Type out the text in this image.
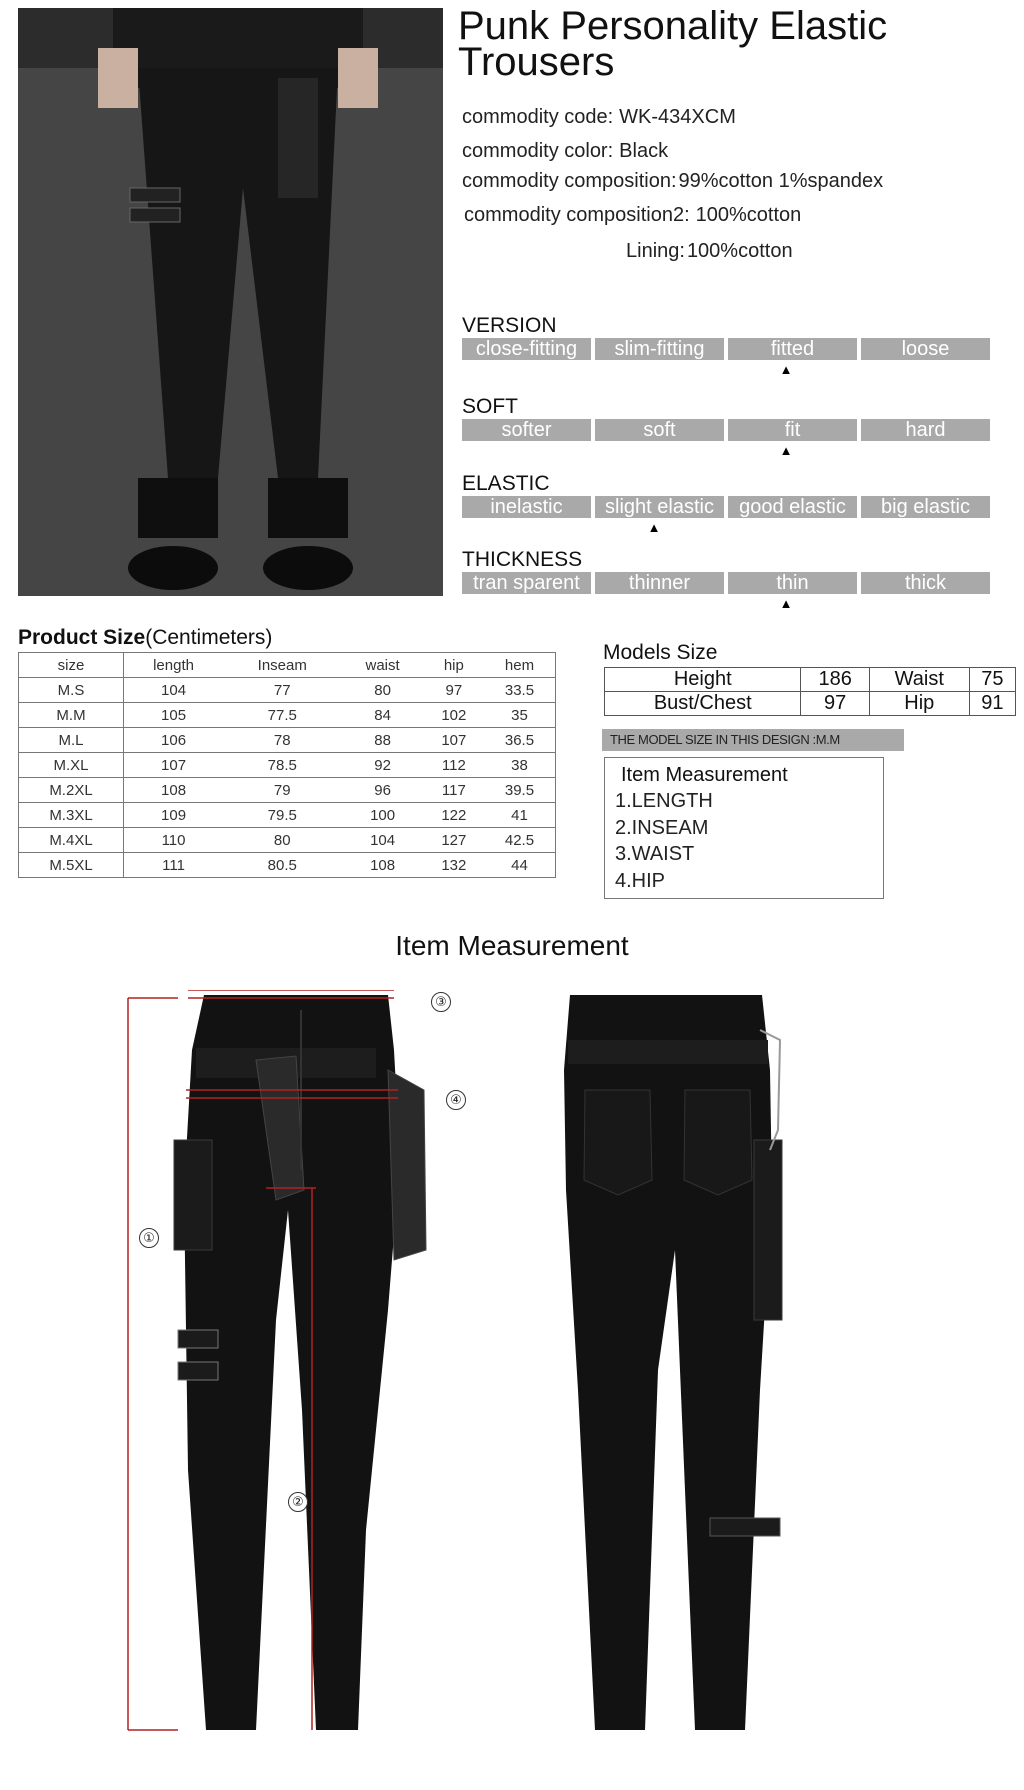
Punk Personality Elastic Trousers
commodity code: WK-434XCM
commodity color: Black
commodity composition: 99%cotton 1%spandex
commodity composition2: 100%cotton
Lining: 100%cotton
VERSION
close-fitting	slim-fitting	fitted	loose
▲
SOFT
softer	soft	fit	hard
▲
ELASTIC
inelastic	slight elastic	good elastic	big elastic
▲
THICKNESS
tran sparent	thinner	thin	thick
▲
Product Size(Centimeters)
size	length	Inseam	waist	hip	hem
M.S	104	77	80	97	33.5
M.M	105	77.5	84	102	35
M.L	106	78	88	107	36.5
M.XL	107	78.5	92	112	38
M.2XL	108	79	96	117	39.5
M.3XL	109	79.5	100	122	41
M.4XL	110	80	104	127	42.5
M.5XL	111	80.5	108	132	44
Models Size
Height	186	Waist	75
Bust/Chest	97	Hip	91
THE MODEL SIZE IN THIS DESIGN :M.M
Item Measurement
1.LENGTH
2.INSEAM
3.WAIST
4.HIP
Item Measurement
①
②
③
④
